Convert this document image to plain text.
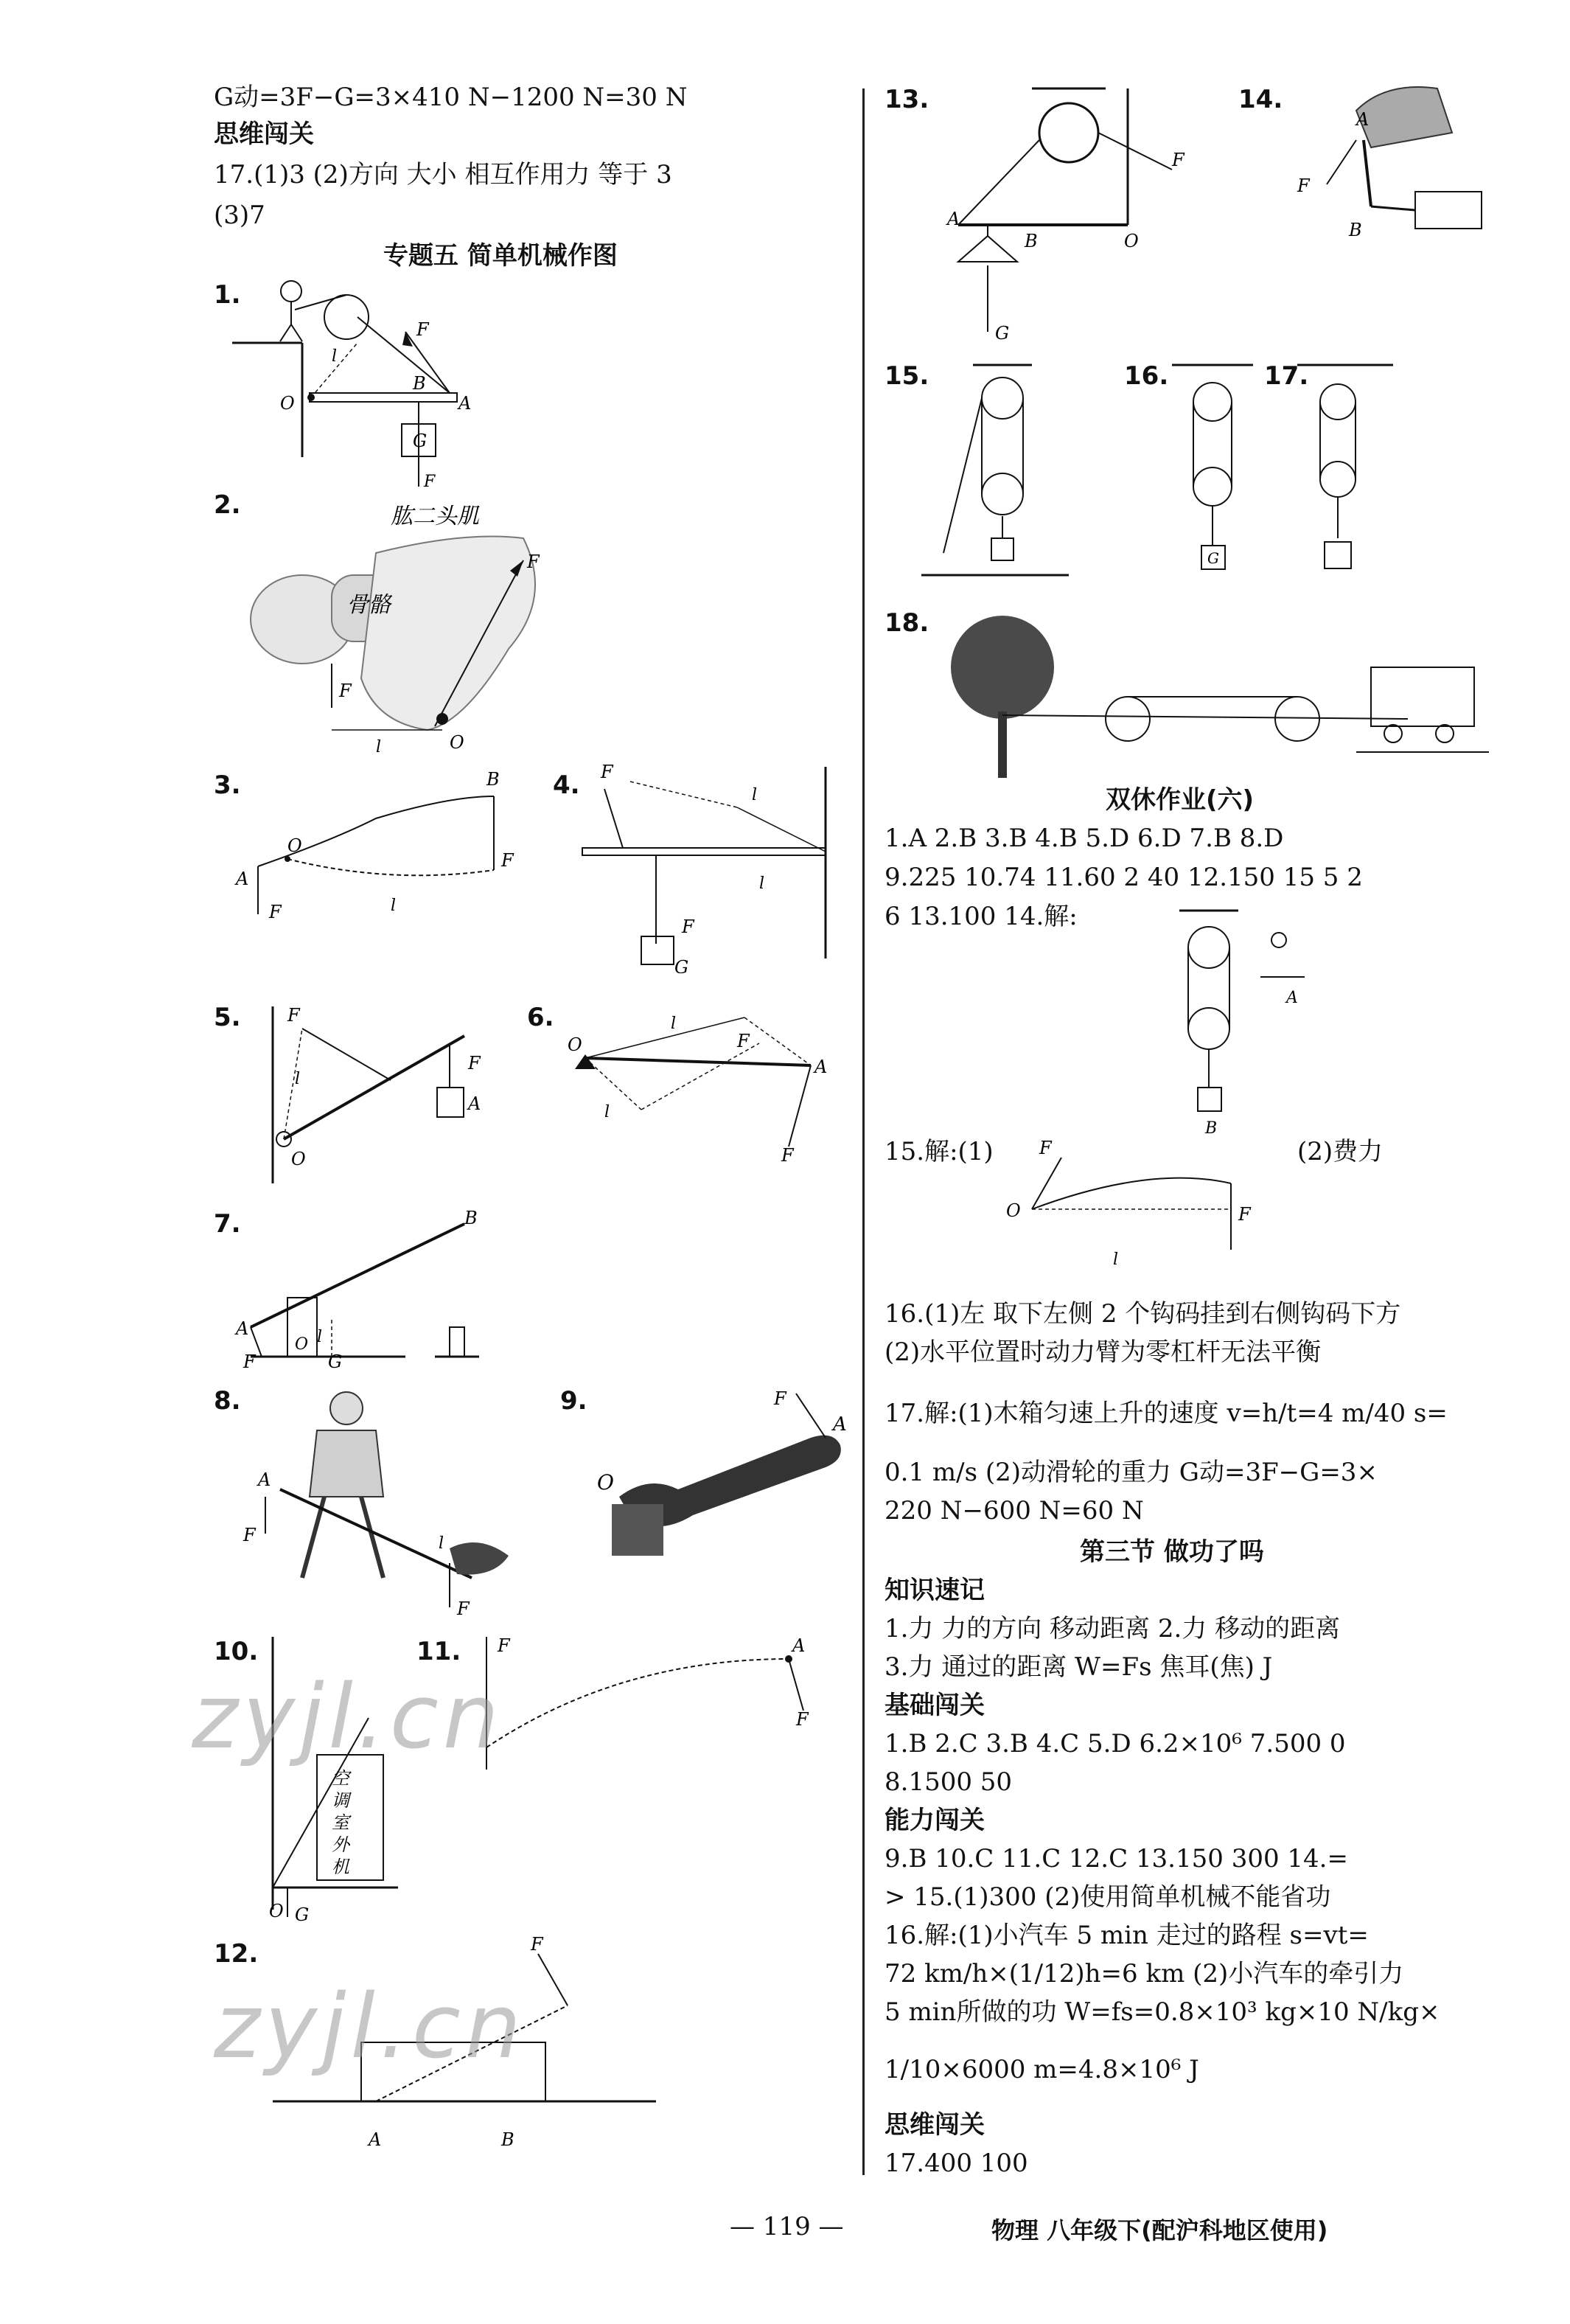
G动=3F−G=3×410 N−1200 N=30 N
思维闯关
17.(1)3 (2)方向 大小 相互作用力 等于 3
(3)7
专题五 简单机械作图
1.
2.
3.	4.
5.	6.
7.
8.	9.
10.	11.
12.
G
O
B
A
F
l
F
肱二头肌
骨骼
F
F
l	O
B
A
O
F
F	l
F
l
l
F
G
F
l
A
F
O
O
l
F
A
l
F
B
A
O l
G
F
A
F
F
l
O
A
F
空
调
室
外
机
O G
F	A
F
F
A	B
13.	14.
15.	16.	17.
18.
F
A
B	O
G
A
F
B
G
双休作业(六)
1.A 2.B 3.B 4.B 5.D 6.D 7.B 8.D
9.225 10.74 11.60 2 40 12.150 15 5 2
6 13.100 14.解:
B
A
15.解:(1)	(2)费力
O
F
F
l
16.(1)左 取下左侧 2 个钩码挂到右侧钩码下方
(2)水平位置时动力臂为零杠杆无法平衡
17.解:(1)木箱匀速上升的速度 v=h/t=4 m/40 s=
0.1 m/s (2)动滑轮的重力 G动=3F−G=3×
220 N−600 N=60 N
第三节 做功了吗
知识速记
1.力 力的方向 移动距离 2.力 移动的距离
3.力 通过的距离 W=Fs 焦耳(焦) J
基础闯关
1.B 2.C 3.B 4.C 5.D 6.2×10⁶ 7.500 0
8.1500 50
能力闯关
9.B 10.C 11.C 12.C 13.150 300 14.=
> 15.(1)300 (2)使用简单机械不能省功
16.解:(1)小汽车 5 min 走过的路程 s=vt=
72 km/h×(1/12)h=6 km (2)小汽车的牵引力
5 min所做的功 W=fs=0.8×10³ kg×10 N/kg×
1/10×6000 m=4.8×10⁶ J
思维闯关
17.400 100
— 119 —	物理 八年级下(配沪科地区使用)
zyjl.cn
zyjl.cn
